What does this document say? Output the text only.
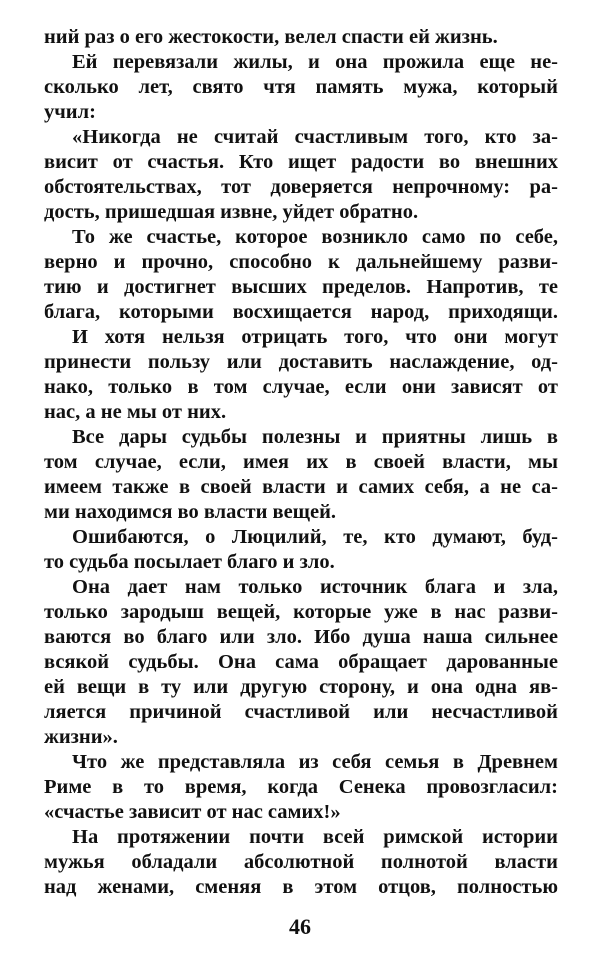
ний раз о его жестокости, велел спасти ей жизнь.
Ей перевязали жилы, и она прожила еще не-
сколько лет, свято чтя память мужа, который
учил:
«Никогда не считай счастливым того, кто за-
висит от счастья. Кто ищет радости во внешних
обстоятельствах, тот доверяется непрочному: ра-
дость, пришедшая извне, уйдет обратно.
То же счастье, которое возникло само по себе,
верно и прочно, способно к дальнейшему разви-
тию и достигнет высших пределов. Напротив, те
блага, которыми восхищается народ, приходящи.
И хотя нельзя отрицать того, что они могут
принести пользу или доставить наслаждение, од-
нако, только в том случае, если они зависят от
нас, а не мы от них.
Все дары судьбы полезны и приятны лишь в
том случае, если, имея их в своей власти, мы
имеем также в своей власти и самих себя, а не са-
ми находимся во власти вещей.
Ошибаются, о Люцилий, те, кто думают, буд-
то судьба посылает благо и зло.
Она дает нам только источник блага и зла,
только зародыш вещей, которые уже в нас разви-
ваются во благо или зло. Ибо душа наша сильнее
всякой судьбы. Она сама обращает дарованные
ей вещи в ту или другую сторону, и она одна яв-
ляется причиной счастливой или несчастливой
жизни».
Что же представляла из себя семья в Древнем
Риме в то время, когда Сенека провозгласил:
«счастье зависит от нас самих!»
На протяжении почти всей римской истории
мужья обладали абсолютной полнотой власти
над женами, сменяя в этом отцов, полностью
46
